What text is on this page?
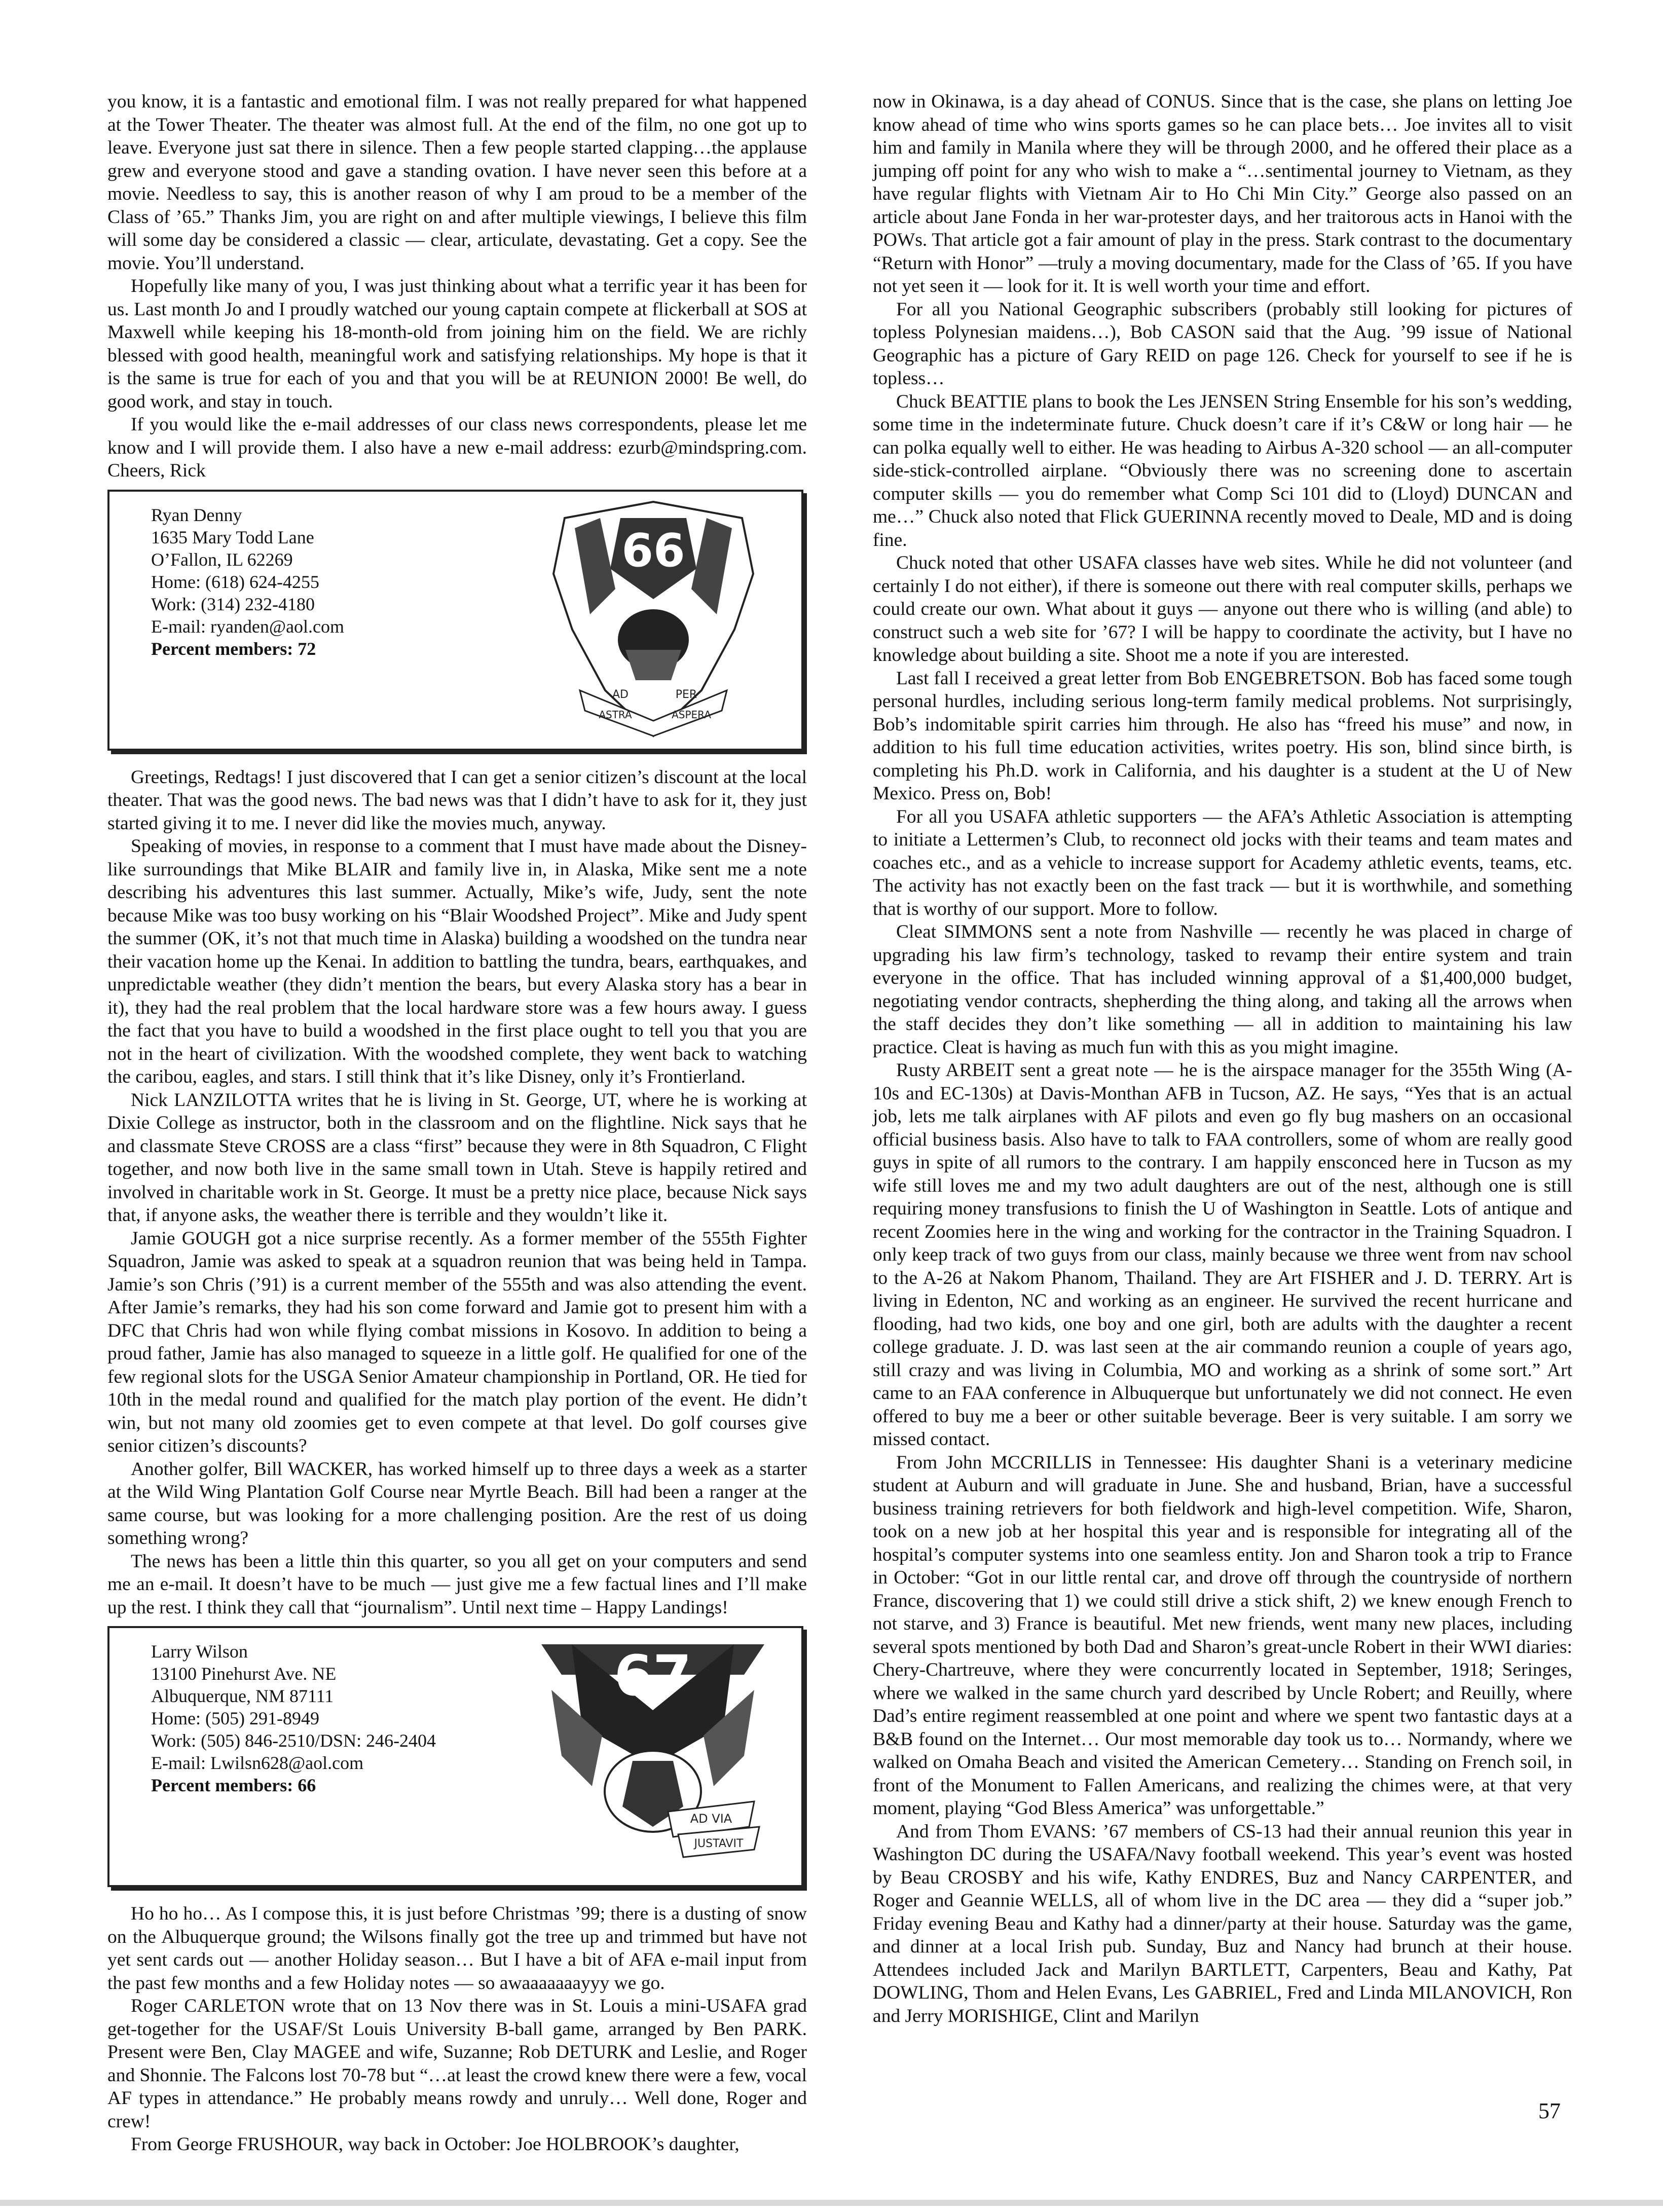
you know, it is a fantastic and emotional film. I was not really prepared for what happened at the Tower Theater. The theater was almost full. At the end of the film, no one got up to leave. Everyone just sat there in silence. Then a few people started clapping…the applause grew and everyone stood and gave a standing ovation. I have never seen this before at a movie. Needless to say, this is another reason of why I am proud to be a member of the Class of ’65.” Thanks Jim, you are right on and after multiple viewings, I believe this film will some day be considered a classic — clear, articulate, devastating. Get a copy. See the movie. You’ll understand.

Hopefully like many of you, I was just thinking about what a terrific year it has been for us. Last month Jo and I proudly watched our young captain compete at flickerball at SOS at Maxwell while keeping his 18-month-old from joining him on the field. We are richly blessed with good health, meaningful work and satisfying relationships. My hope is that it is the same is true for each of you and that you will be at REUNION 2000! Be well, do good work, and stay in touch.

If you would like the e-mail addresses of our class news correspondents, please let me know and I will provide them. I also have a new e-mail address: ezurb@mindspring.com. Cheers, Rick

Ryan Denny
1635 Mary Todd Lane
O’Fallon, IL 62269
Home: (618) 624-4255
Work: (314) 232-4180
E-mail: ryanden@aol.com
Percent members: 72
66
AD	PER
ASTRA	ASPERA

Greetings, Redtags! I just discovered that I can get a senior citizen’s discount at the local theater. That was the good news. The bad news was that I didn’t have to ask for it, they just started giving it to me. I never did like the movies much, anyway.

Speaking of movies, in response to a comment that I must have made about the Disney-like surroundings that Mike BLAIR and family live in, in Alaska, Mike sent me a note describing his adventures this last summer. Actually, Mike’s wife, Judy, sent the note because Mike was too busy working on his “Blair Woodshed Project”. Mike and Judy spent the summer (OK, it’s not that much time in Alaska) building a woodshed on the tundra near their vacation home up the Kenai. In addition to battling the tundra, bears, earthquakes, and unpredictable weather (they didn’t mention the bears, but every Alaska story has a bear in it), they had the real problem that the local hardware store was a few hours away. I guess the fact that you have to build a woodshed in the first place ought to tell you that you are not in the heart of civilization. With the woodshed complete, they went back to watching the caribou, eagles, and stars. I still think that it’s like Disney, only it’s Frontierland.

Nick LANZILOTTA writes that he is living in St. George, UT, where he is working at Dixie College as instructor, both in the classroom and on the flightline. Nick says that he and classmate Steve CROSS are a class “first” because they were in 8th Squadron, C Flight together, and now both live in the same small town in Utah. Steve is happily retired and involved in charitable work in St. George. It must be a pretty nice place, because Nick says that, if anyone asks, the weather there is terrible and they wouldn’t like it.

Jamie GOUGH got a nice surprise recently. As a former member of the 555th Fighter Squadron, Jamie was asked to speak at a squadron reunion that was being held in Tampa. Jamie’s son Chris (’91) is a current member of the 555th and was also attending the event. After Jamie’s remarks, they had his son come forward and Jamie got to present him with a DFC that Chris had won while flying combat missions in Kosovo. In addition to being a proud father, Jamie has also managed to squeeze in a little golf. He qualified for one of the few regional slots for the USGA Senior Amateur championship in Portland, OR. He tied for 10th in the medal round and qualified for the match play portion of the event. He didn’t win, but not many old zoomies get to even compete at that level. Do golf courses give senior citizen’s discounts?

Another golfer, Bill WACKER, has worked himself up to three days a week as a starter at the Wild Wing Plantation Golf Course near Myrtle Beach. Bill had been a ranger at the same course, but was looking for a more challenging position. Are the rest of us doing something wrong?

The news has been a little thin this quarter, so you all get on your computers and send me an e-mail. It doesn’t have to be much — just give me a few factual lines and I’ll make up the rest. I think they call that “journalism”. Until next time – Happy Landings!

Larry Wilson
13100 Pinehurst Ave. NE
Albuquerque, NM 87111
Home: (505) 291-8949
Work: (505) 846-2510/DSN: 246-2404
E-mail: Lwilsn628@aol.com
Percent members: 66
67
AD VIA
JUSTAVIT

Ho ho ho… As I compose this, it is just before Christmas ’99; there is a dusting of snow on the Albuquerque ground; the Wilsons finally got the tree up and trimmed but have not yet sent cards out — another Holiday season… But I have a bit of AFA e-mail input from the past few months and a few Holiday notes — so awaaaaaaayyy we go.

Roger CARLETON wrote that on 13 Nov there was in St. Louis a mini-USAFA grad get-together for the USAF/St Louis University B-ball game, arranged by Ben PARK. Present were Ben, Clay MAGEE and wife, Suzanne; Rob DETURK and Leslie, and Roger and Shonnie. The Falcons lost 70-78 but “…at least the crowd knew there were a few, vocal AF types in attendance.” He probably means rowdy and unruly… Well done, Roger and crew!

From George FRUSHOUR, way back in October: Joe HOLBROOK’s daughter,

now in Okinawa, is a day ahead of CONUS. Since that is the case, she plans on letting Joe know ahead of time who wins sports games so he can place bets… Joe invites all to visit him and family in Manila where they will be through 2000, and he offered their place as a jumping off point for any who wish to make a “…sentimental journey to Vietnam, as they have regular flights with Vietnam Air to Ho Chi Min City.” George also passed on an article about Jane Fonda in her war-protester days, and her traitorous acts in Hanoi with the POWs. That article got a fair amount of play in the press. Stark contrast to the documentary “Return with Honor” —truly a moving documentary, made for the Class of ’65. If you have not yet seen it — look for it. It is well worth your time and effort.

For all you National Geographic subscribers (probably still looking for pictures of topless Polynesian maidens…), Bob CASON said that the Aug. ’99 issue of National Geographic has a picture of Gary REID on page 126. Check for yourself to see if he is topless…

Chuck BEATTIE plans to book the Les JENSEN String Ensemble for his son’s wedding, some time in the indeterminate future. Chuck doesn’t care if it’s C&W or long hair — he can polka equally well to either. He was heading to Airbus A-320 school — an all-computer side-stick-controlled airplane. “Obviously there was no screening done to ascertain computer skills — you do remember what Comp Sci 101 did to (Lloyd) DUNCAN and me…” Chuck also noted that Flick GUERINNA recently moved to Deale, MD and is doing fine.

Chuck noted that other USAFA classes have web sites. While he did not volunteer (and certainly I do not either), if there is someone out there with real computer skills, perhaps we could create our own. What about it guys — anyone out there who is willing (and able) to construct such a web site for ’67? I will be happy to coordinate the activity, but I have no knowledge about building a site. Shoot me a note if you are interested.

Last fall I received a great letter from Bob ENGEBRETSON. Bob has faced some tough personal hurdles, including serious long-term family medical problems. Not surprisingly, Bob’s indomitable spirit carries him through. He also has “freed his muse” and now, in addition to his full time education activities, writes poetry. His son, blind since birth, is completing his Ph.D. work in California, and his daughter is a student at the U of New Mexico. Press on, Bob!

For all you USAFA athletic supporters — the AFA’s Athletic Association is attempting to initiate a Lettermen’s Club, to reconnect old jocks with their teams and team mates and coaches etc., and as a vehicle to increase support for Academy athletic events, teams, etc. The activity has not exactly been on the fast track — but it is worthwhile, and something that is worthy of our support. More to follow.

Cleat SIMMONS sent a note from Nashville — recently he was placed in charge of upgrading his law firm’s technology, tasked to revamp their entire system and train everyone in the office. That has included winning approval of a $1,400,000 budget, negotiating vendor contracts, shepherding the thing along, and taking all the arrows when the staff decides they don’t like something — all in addition to maintaining his law practice. Cleat is having as much fun with this as you might imagine.

Rusty ARBEIT sent a great note — he is the airspace manager for the 355th Wing (A-10s and EC-130s) at Davis-Monthan AFB in Tucson, AZ. He says, “Yes that is an actual job, lets me talk airplanes with AF pilots and even go fly bug mashers on an occasional official business basis. Also have to talk to FAA controllers, some of whom are really good guys in spite of all rumors to the contrary. I am happily ensconced here in Tucson as my wife still loves me and my two adult daughters are out of the nest, although one is still requiring money transfusions to finish the U of Washington in Seattle. Lots of antique and recent Zoomies here in the wing and working for the contractor in the Training Squadron. I only keep track of two guys from our class, mainly because we three went from nav school to the A-26 at Nakom Phanom, Thailand. They are Art FISHER and J. D. TERRY. Art is living in Edenton, NC and working as an engineer. He survived the recent hurricane and flooding, had two kids, one boy and one girl, both are adults with the daughter a recent college graduate. J. D. was last seen at the air commando reunion a couple of years ago, still crazy and was living in Columbia, MO and working as a shrink of some sort.” Art came to an FAA conference in Albuquerque but unfortunately we did not connect. He even offered to buy me a beer or other suitable beverage. Beer is very suitable. I am sorry we missed contact.

From John MCCRILLIS in Tennessee: His daughter Shani is a veterinary medicine student at Auburn and will graduate in June. She and husband, Brian, have a successful business training retrievers for both fieldwork and high-level competition. Wife, Sharon, took on a new job at her hospital this year and is responsible for integrating all of the hospital’s computer systems into one seamless entity. Jon and Sharon took a trip to France in October: “Got in our little rental car, and drove off through the countryside of northern France, discovering that 1) we could still drive a stick shift, 2) we knew enough French to not starve, and 3) France is beautiful. Met new friends, went many new places, including several spots mentioned by both Dad and Sharon’s great-uncle Robert in their WWI diaries: Chery-Chartreuve, where they were concurrently located in September, 1918; Seringes, where we walked in the same church yard described by Uncle Robert; and Reuilly, where Dad’s entire regiment reassembled at one point and where we spent two fantastic days at a B&B found on the Internet… Our most memorable day took us to… Normandy, where we walked on Omaha Beach and visited the American Cemetery… Standing on French soil, in front of the Monument to Fallen Americans, and realizing the chimes were, at that very moment, playing “God Bless America” was unforgettable.”

And from Thom EVANS: ’67 members of CS-13 had their annual reunion this year in Washington DC during the USAFA/Navy football weekend. This year’s event was hosted by Beau CROSBY and his wife, Kathy ENDRES, Buz and Nancy CARPENTER, and Roger and Geannie WELLS, all of whom live in the DC area — they did a “super job.” Friday evening Beau and Kathy had a dinner/party at their house. Saturday was the game, and dinner at a local Irish pub. Sunday, Buz and Nancy had brunch at their house. Attendees included Jack and Marilyn BARTLETT, Carpenters, Beau and Kathy, Pat DOWLING, Thom and Helen Evans, Les GABRIEL, Fred and Linda MILANOVICH, Ron and Jerry MORISHIGE, Clint and Marilyn

57
